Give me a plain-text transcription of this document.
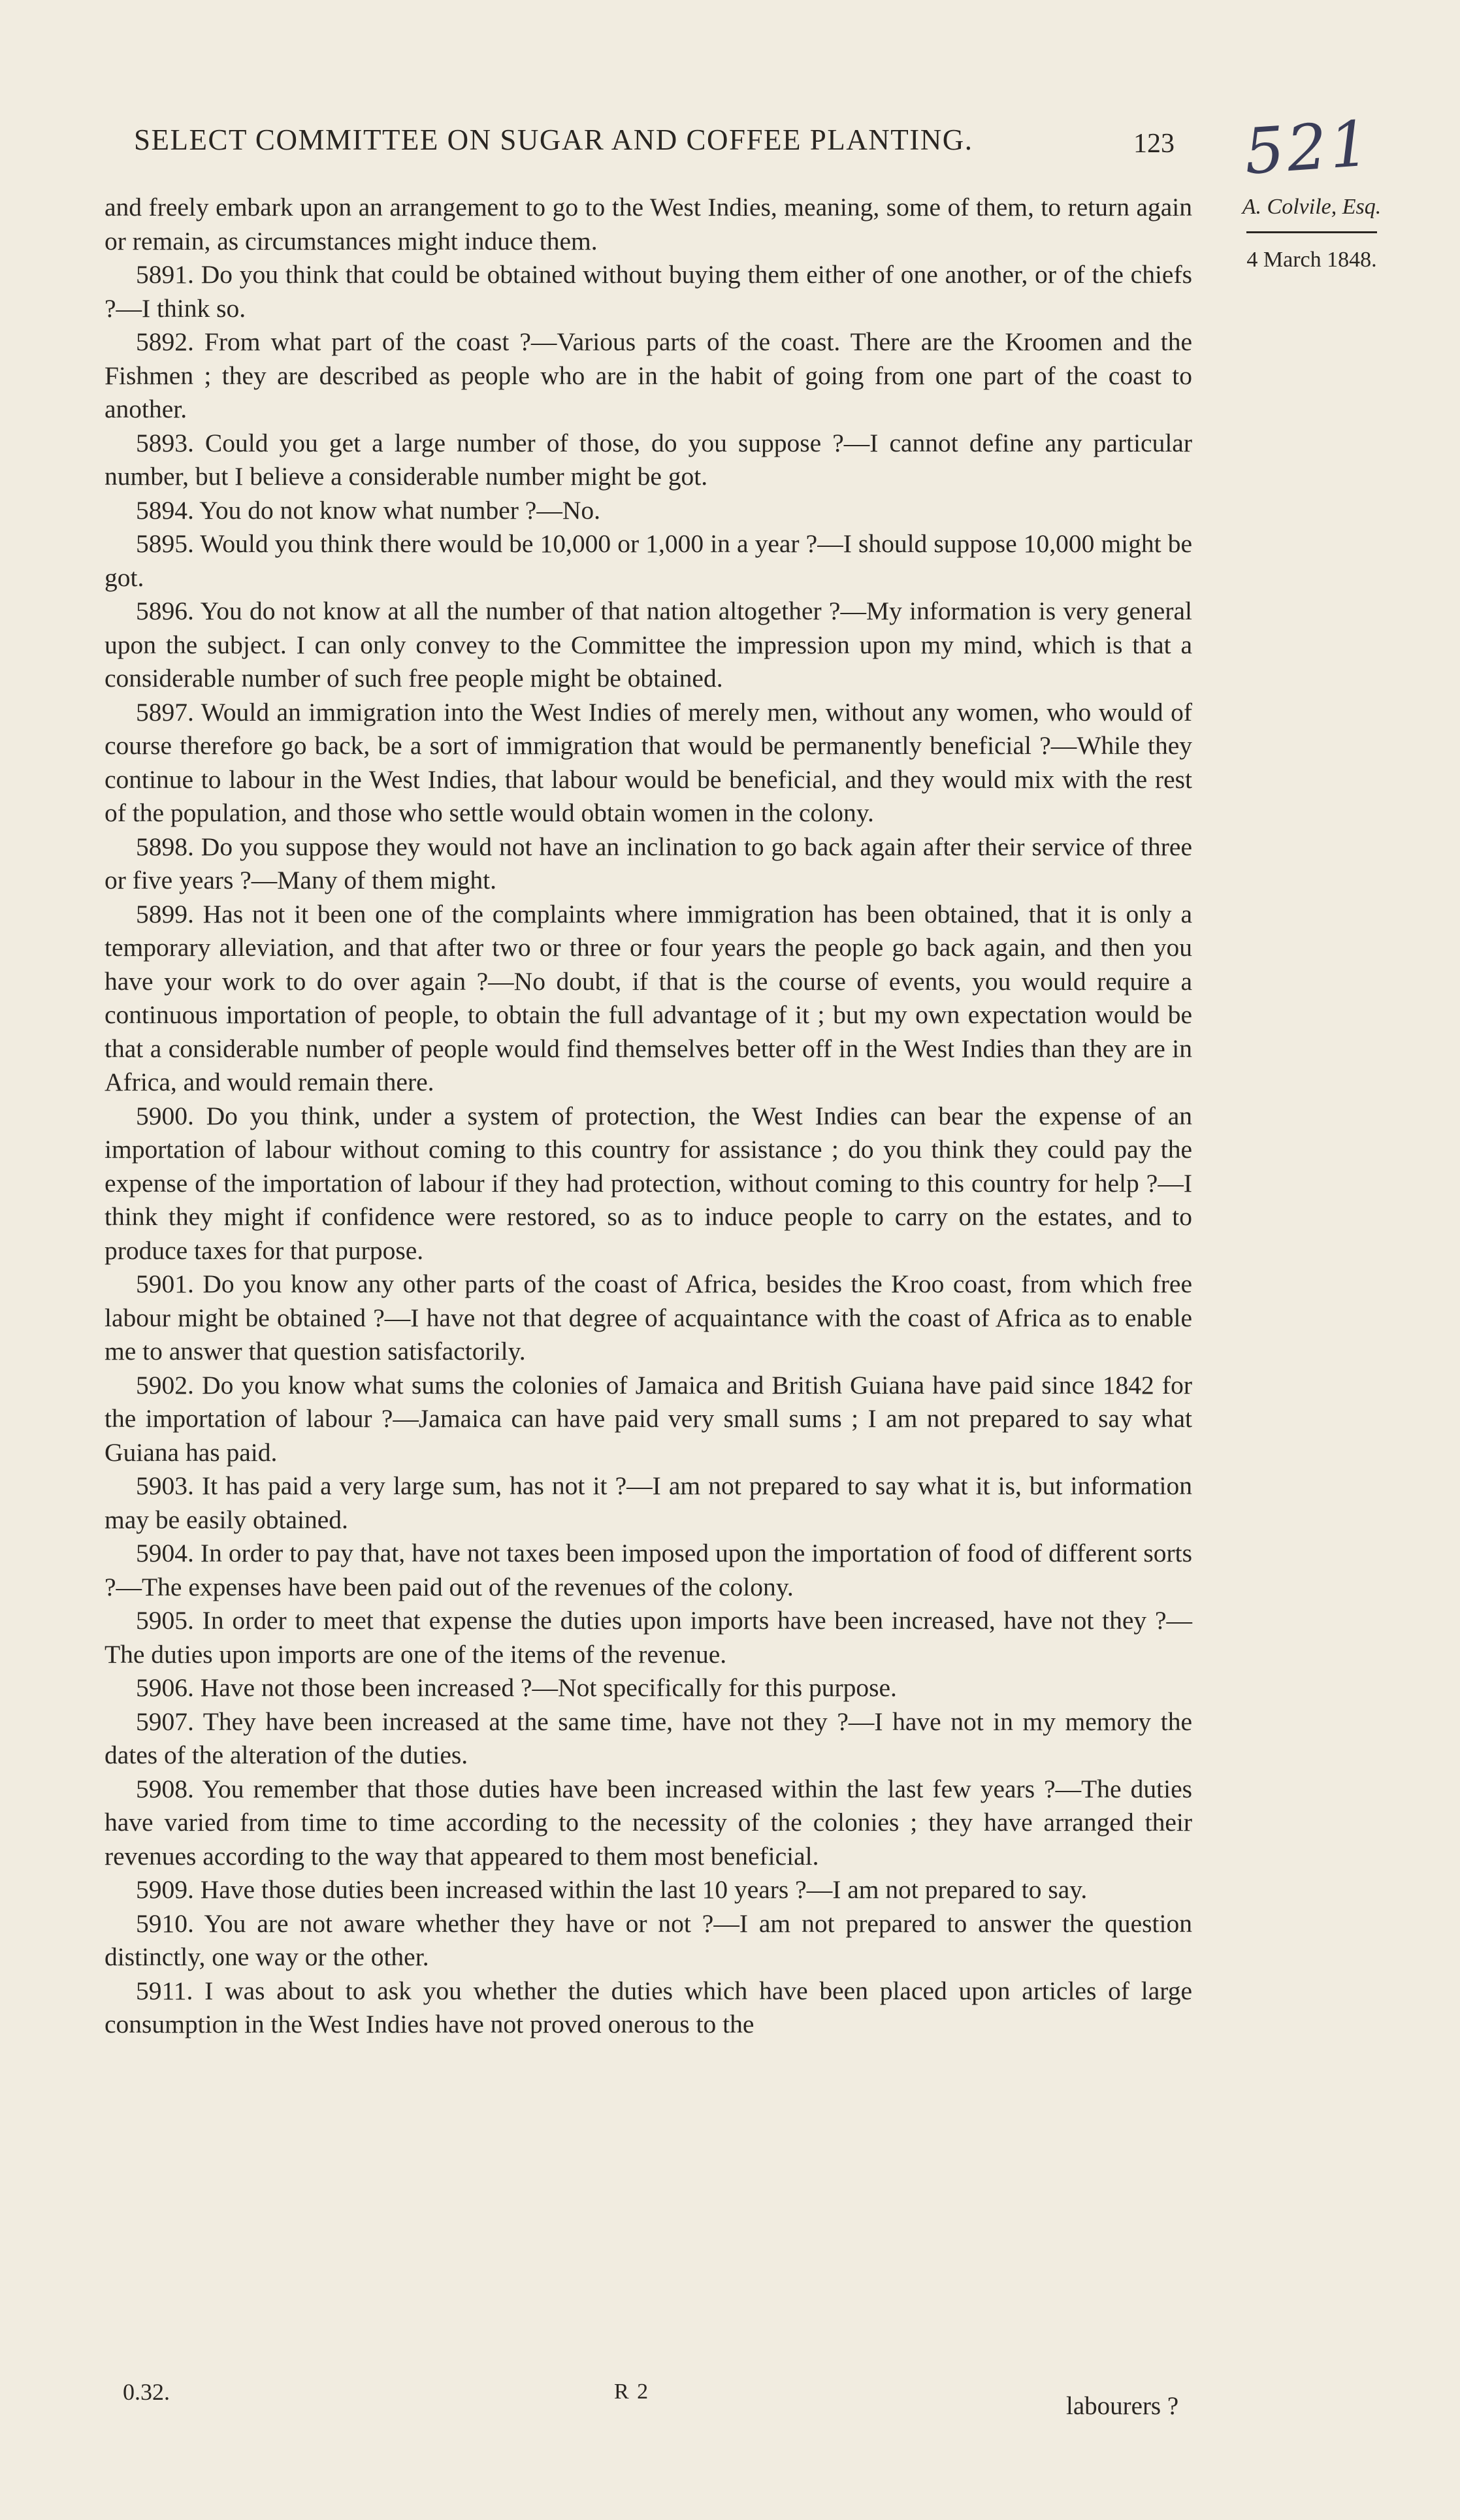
SELECT COMMITTEE ON SUGAR AND COFFEE PLANTING.	123 521
A. Colvile, Esq.
4 March 1848.

and freely embark upon an arrangement to go to the West Indies, meaning, some of them, to return again or remain, as circumstances might induce them.

5891. Do you think that could be obtained without buying them either of one another, or of the chiefs ?—I think so.

5892. From what part of the coast ?—Various parts of the coast. There are the Kroomen and the Fishmen ; they are described as people who are in the habit of going from one part of the coast to another.

5893. Could you get a large number of those, do you suppose ?—I cannot define any particular number, but I believe a considerable number might be got.

5894. You do not know what number ?—No.

5895. Would you think there would be 10,000 or 1,000 in a year ?—I should suppose 10,000 might be got.

5896. You do not know at all the number of that nation altogether ?—My information is very general upon the subject. I can only convey to the Committee the impression upon my mind, which is that a considerable number of such free people might be obtained.

5897. Would an immigration into the West Indies of merely men, without any women, who would of course therefore go back, be a sort of immigration that would be permanently beneficial ?—While they continue to labour in the West Indies, that labour would be beneficial, and they would mix with the rest of the population, and those who settle would obtain women in the colony.

5898. Do you suppose they would not have an inclination to go back again after their service of three or five years ?—Many of them might.

5899. Has not it been one of the complaints where immigration has been obtained, that it is only a temporary alleviation, and that after two or three or four years the people go back again, and then you have your work to do over again ?—No doubt, if that is the course of events, you would require a continuous importation of people, to obtain the full advantage of it ; but my own expectation would be that a considerable number of people would find themselves better off in the West Indies than they are in Africa, and would remain there.

5900. Do you think, under a system of protection, the West Indies can bear the expense of an importation of labour without coming to this country for assistance ; do you think they could pay the expense of the importation of labour if they had protection, without coming to this country for help ?—I think they might if confidence were restored, so as to induce people to carry on the estates, and to produce taxes for that purpose.

5901. Do you know any other parts of the coast of Africa, besides the Kroo coast, from which free labour might be obtained ?—I have not that degree of acquaintance with the coast of Africa as to enable me to answer that question satisfactorily.

5902. Do you know what sums the colonies of Jamaica and British Guiana have paid since 1842 for the importation of labour ?—Jamaica can have paid very small sums ; I am not prepared to say what Guiana has paid.

5903. It has paid a very large sum, has not it ?—I am not prepared to say what it is, but information may be easily obtained.

5904. In order to pay that, have not taxes been imposed upon the importation of food of different sorts ?—The expenses have been paid out of the revenues of the colony.

5905. In order to meet that expense the duties upon imports have been increased, have not they ?—The duties upon imports are one of the items of the revenue.

5906. Have not those been increased ?—Not specifically for this purpose.

5907. They have been increased at the same time, have not they ?—I have not in my memory the dates of the alteration of the duties.

5908. You remember that those duties have been increased within the last few years ?—The duties have varied from time to time according to the necessity of the colonies ; they have arranged their revenues according to the way that appeared to them most beneficial.

5909. Have those duties been increased within the last 10 years ?—I am not prepared to say.

5910. You are not aware whether they have or not ?—I am not prepared to answer the question distinctly, one way or the other.

5911. I was about to ask you whether the duties which have been placed upon articles of large consumption in the West Indies have not proved onerous to the

0.32.	R 2
labourers ?
